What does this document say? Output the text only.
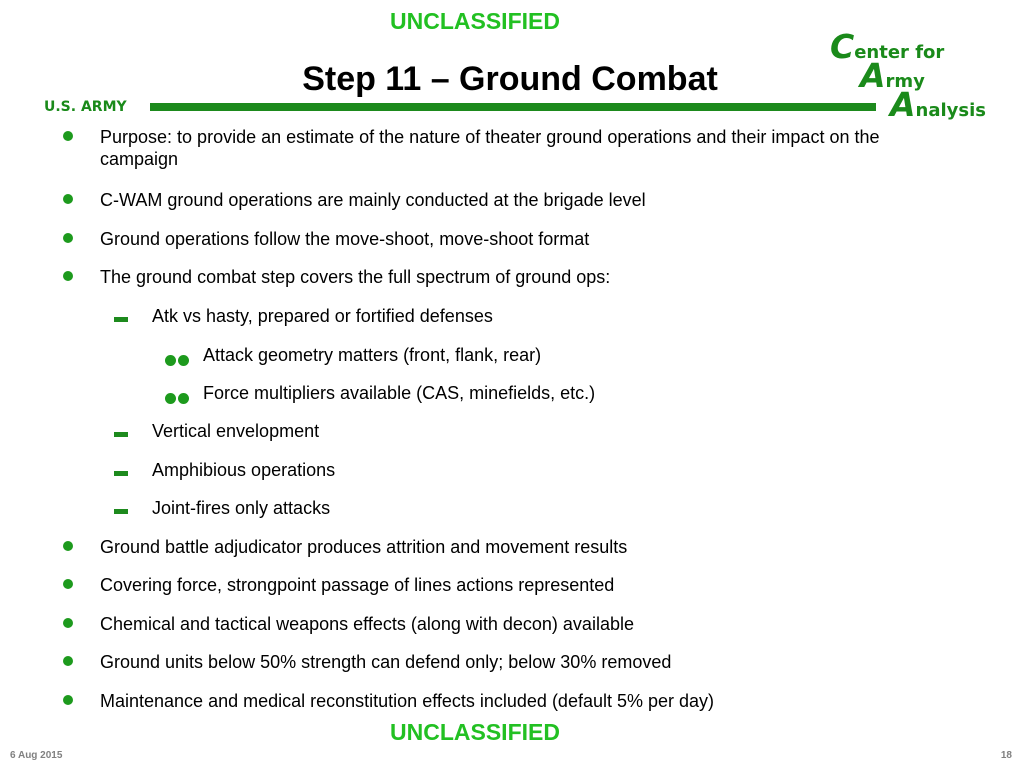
UNCLASSIFIED
Center for
Army
Analysis
Step 11 – Ground Combat
U.S. ARMY
Purpose: to provide an estimate of the nature of theater ground operations and their impact on the campaign
C-WAM ground operations are mainly conducted at the brigade level
Ground operations follow the move-shoot, move-shoot format
The ground combat step covers the full spectrum of ground ops:
Atk vs hasty, prepared or fortified defenses
Attack geometry matters (front, flank, rear)
Force multipliers available (CAS, minefields, etc.)
Vertical envelopment
Amphibious operations
Joint-fires only attacks
Ground battle adjudicator produces attrition and movement results
Covering force, strongpoint passage of lines actions represented
Chemical and tactical weapons effects (along with decon) available
Ground units below 50% strength can defend only; below 30% removed
Maintenance and medical reconstitution effects included (default 5% per day)
UNCLASSIFIED
6 Aug 2015	18
